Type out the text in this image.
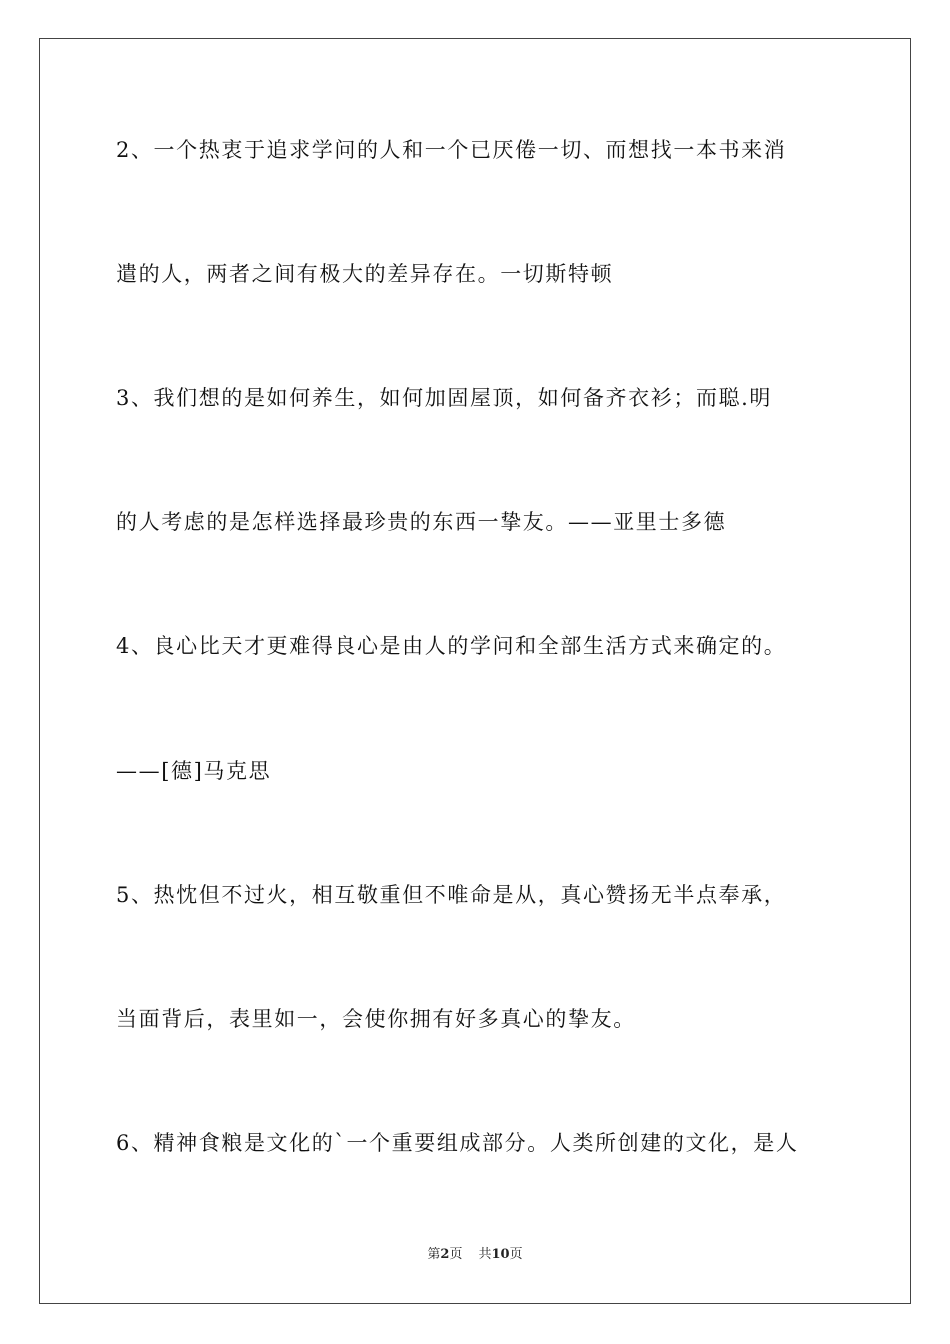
2、一个热衷于追求学问的人和一个已厌倦一切、而想找一本书来消
遣的人，两者之间有极大的差异存在。一切斯特顿
3、我们想的是如何养生，如何加固屋顶，如何备齐衣衫；而聪.明
的人考虑的是怎样选择最珍贵的东西一挚友。——亚里士多德
4、良心比天才更难得良心是由人的学问和全部生活方式来确定的。
——[德]马克思
5、热忱但不过火，相互敬重但不唯命是从，真心赞扬无半点奉承，
当面背后，表里如一，会使你拥有好多真心的挚友。
6、精神食粮是文化的`一个重要组成部分。人类所创建的文化，是人
第2页 共10页
